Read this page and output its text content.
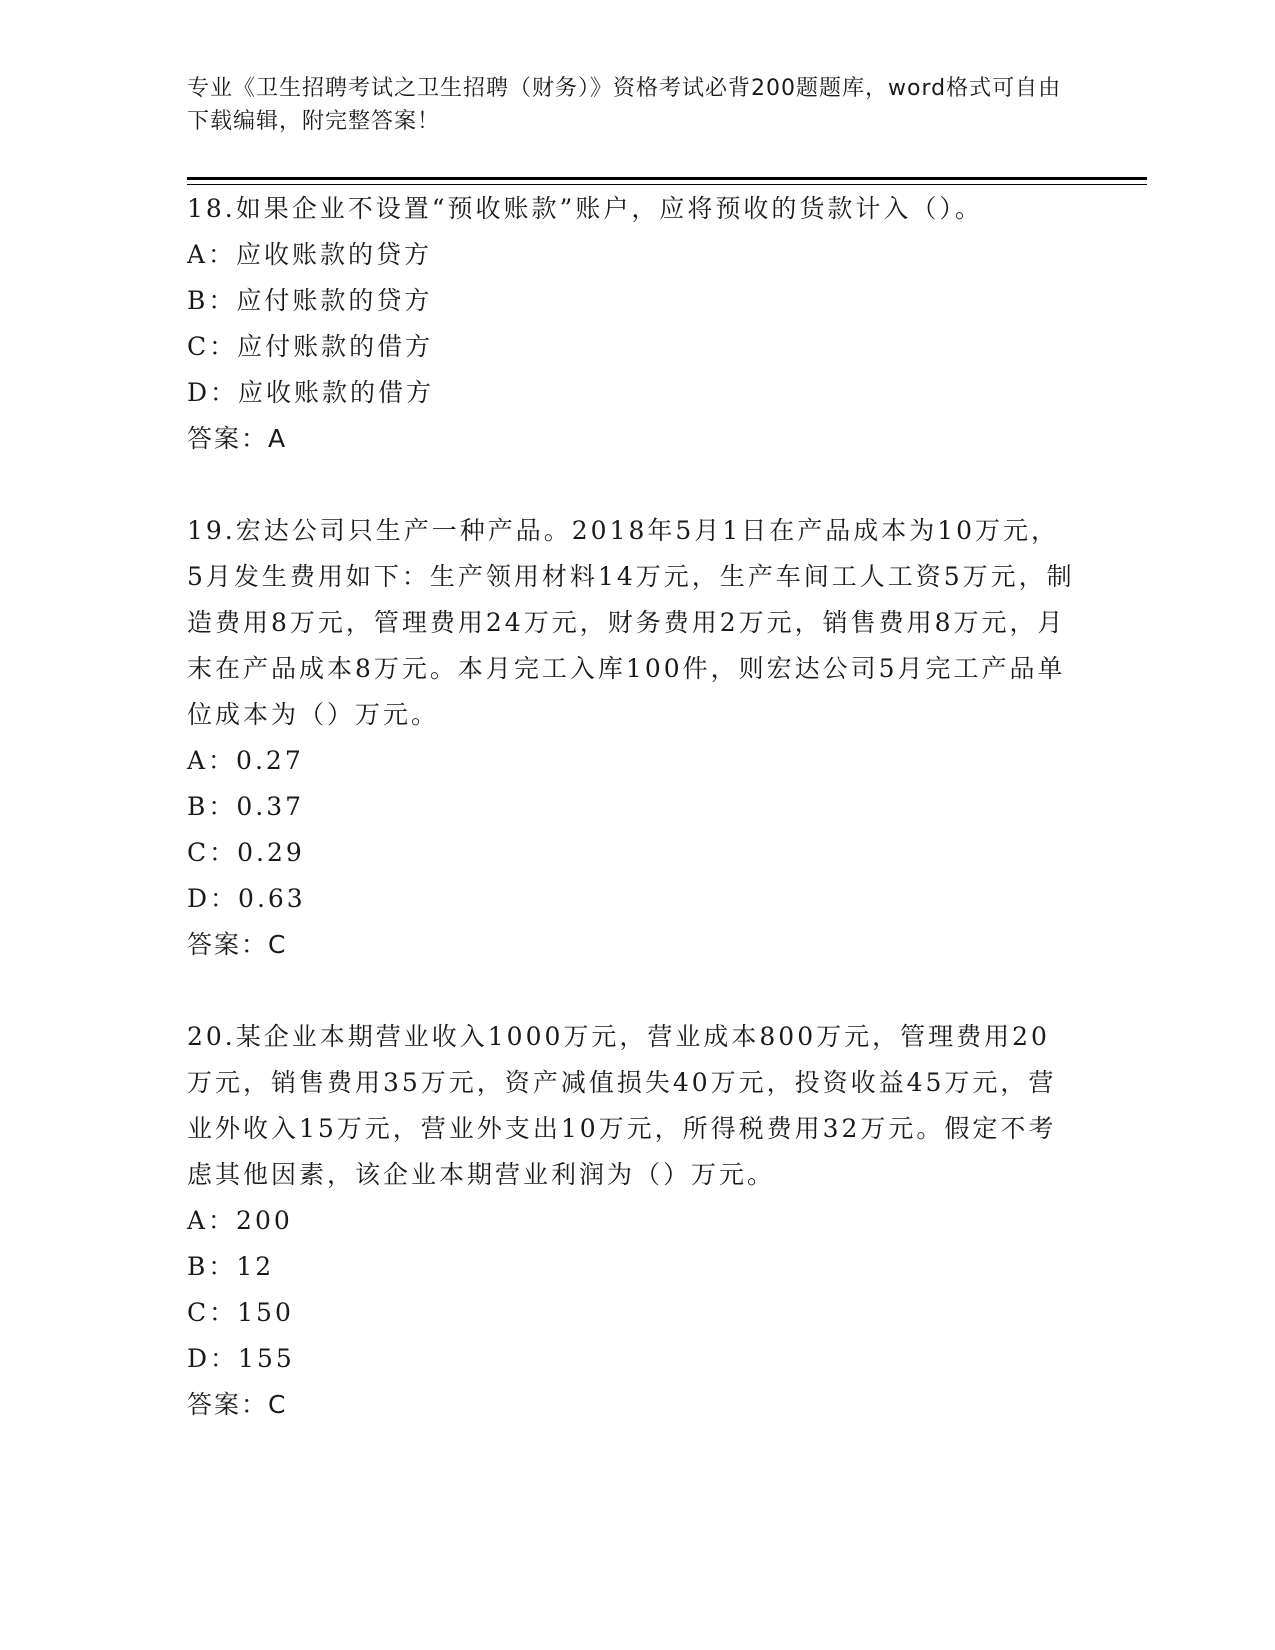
专业《卫生招聘考试之卫生招聘（财务）》资格考试必背200题题库，word格式可自由下载编辑，附完整答案！

18.如果企业不设置“预收账款”账户，应将预收的货款计入（）。

A：应收账款的贷方
B：应付账款的贷方
C：应付账款的借方
D：应收账款的借方
答案：A

19.宏达公司只生产一种产品。2018年5月1日在产品成本为10万元，5月发生费用如下：生产领用材料14万元，生产车间工人工资5万元，制造费用8万元，管理费用24万元，财务费用2万元，销售费用8万元，月末在产品成本8万元。本月完工入库100件，则宏达公司5月完工产品单位成本为（）万元。

A：0.27
B：0.37
C：0.29
D：0.63
答案：C

20.某企业本期营业收入1000万元，营业成本800万元，管理费用20万元，销售费用35万元，资产减值损失40万元，投资收益45万元，营业外收入15万元，营业外支出10万元，所得税费用32万元。假定不考虑其他因素，该企业本期营业利润为（）万元。

A：200
B：12
C：150
D：155
答案：C
